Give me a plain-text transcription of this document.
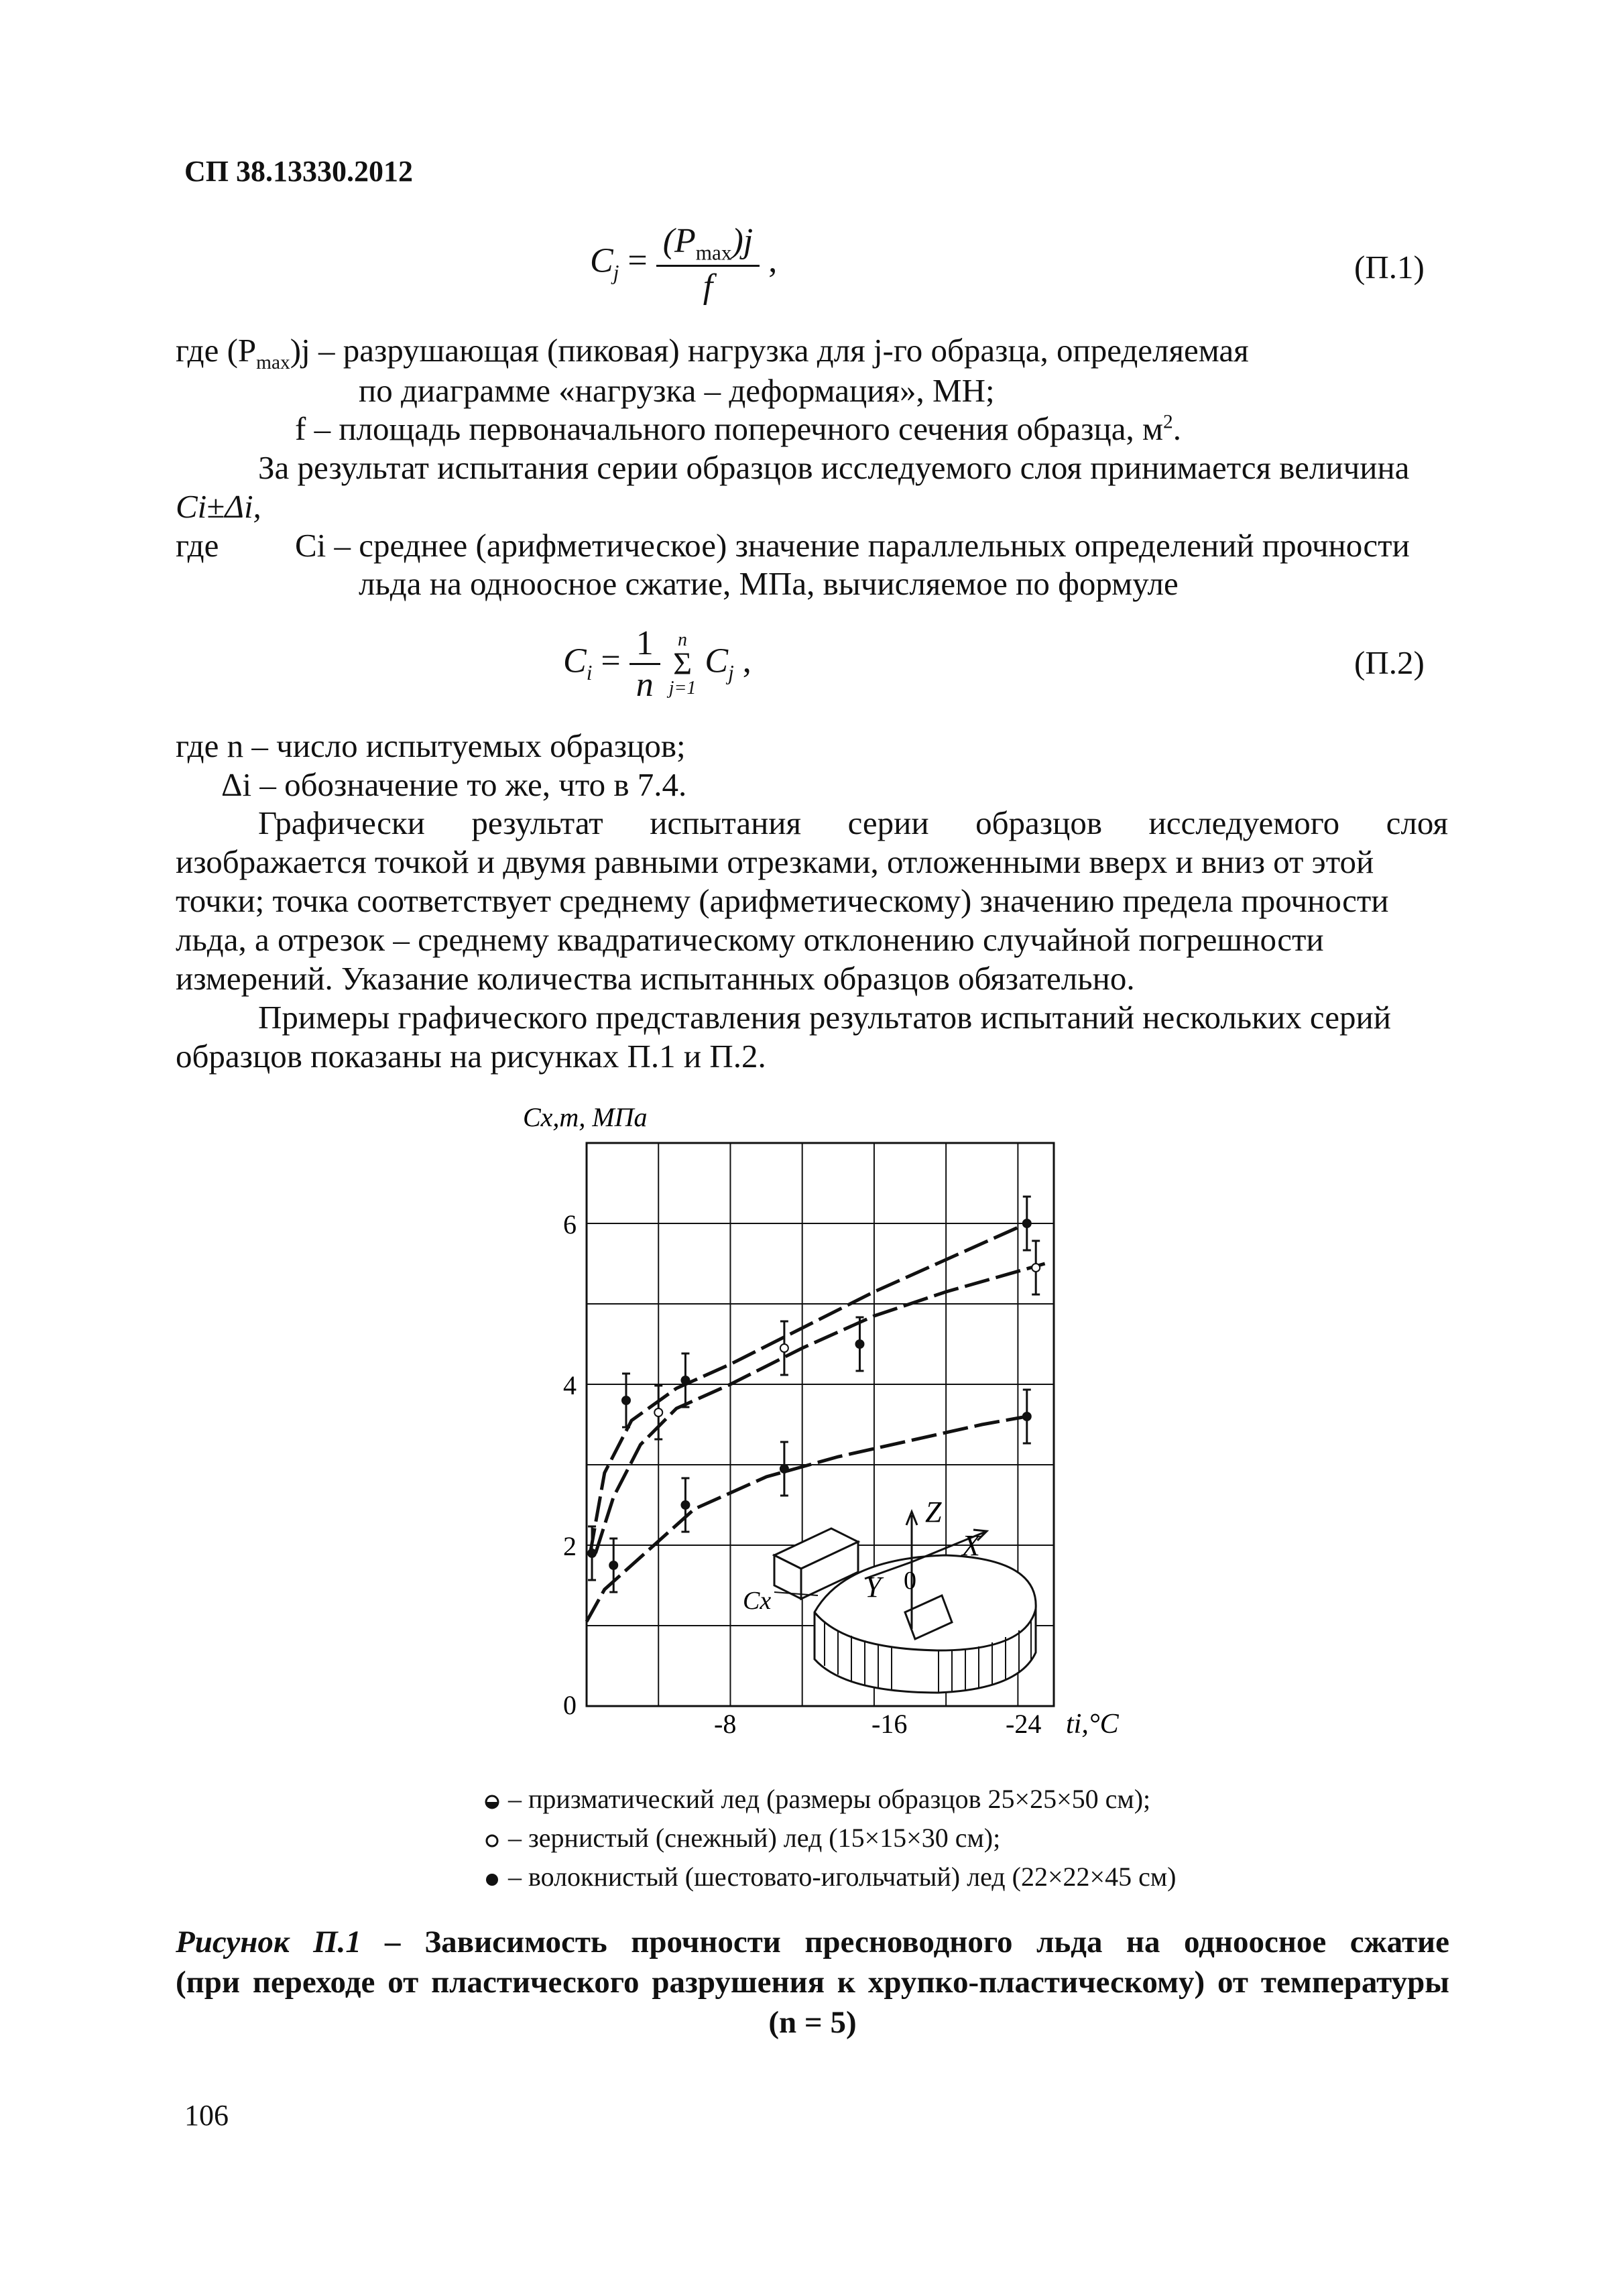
СП 38.13330.2012
$C_j = \frac{(P_{max})j}{f}$ ,	(П.1)
где $(P_{max})j$ – разрушающая (пиковая) нагрузка для j-го образца, определяемая
по диаграмме «нагрузка – деформация», МН;
f – площадь первоначального поперечного сечения образца, $м^2$.
За результат испытания серии образцов исследуемого слоя принимается величина
Ci±Δi,
где Ci – среднее (арифметическое) значение параллельных определений прочности
льда на одноосное сжатие, МПа, вычисляемое по формуле
$C_i = \frac{1}{n}$
n
Σ
j=1
$C_j$ ,	(П.2)
где n – число испытуемых образцов;
Δi – обозначение то же, что в 7.4.
Графически результат испытания серии образцов исследуемого слоя
изображается точкой и двумя равными отрезками, отложенными вверх и вниз от этой
точки; точка соответствует среднему (арифметическому) значению предела прочности
льда, а отрезок – среднему квадратическому отклонению случайной погрешности
измерений. Указание количества испытанных образцов обязательно.
Примеры графического представления результатов испытаний нескольких серий
образцов показаны на рисунках П.1 и П.2.
Cx,m, МПа
ti,°C
0
2
4
6
-8	-16	-24
Z
X
Y 0
Cx
– призматический лед (размеры образцов 25×25×50 см);
– зернистый (снежный) лед (15×15×30 см);
– волокнистый (шестовато-игольчатый) лед (22×22×45 см)
Рисунок П.1 – Зависимость прочности пресноводного льда на одноосное сжатие
(при переходе от пластического разрушения к хрупко-пластическому) от температуры
(n = 5)
106
